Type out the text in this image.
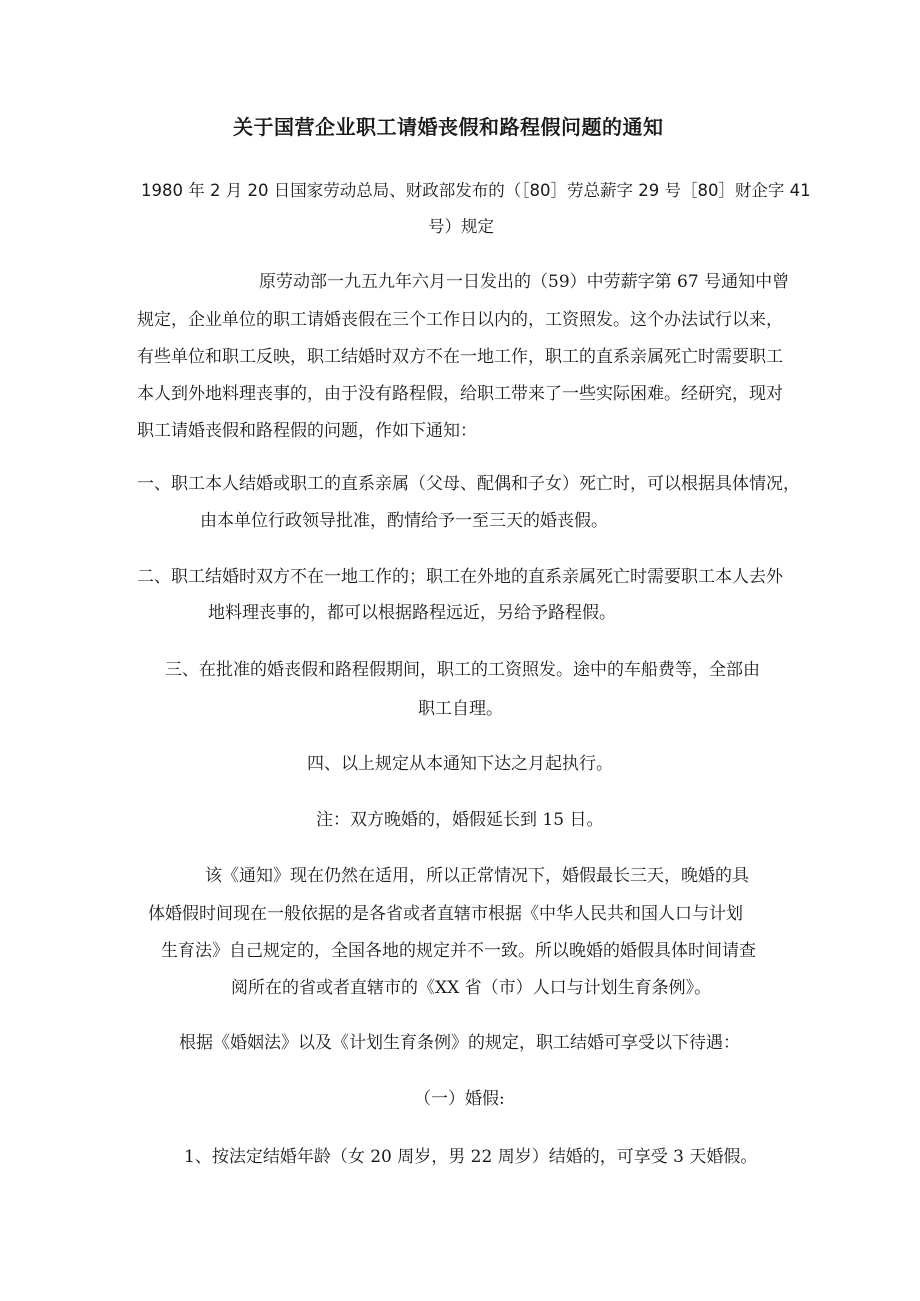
关于国营企业职工请婚丧假和路程假问题的通知
1980 年 2 月 20 日国家劳动总局、财政部发布的（［80］劳总薪字 29 号［80］财企字 41
号）规定
原劳动部一九五九年六月一日发出的（59）中劳薪字第 67 号通知中曾
规定，企业单位的职工请婚丧假在三个工作日以内的，工资照发。这个办法试行以来，
有些单位和职工反映，职工结婚时双方不在一地工作，职工的直系亲属死亡时需要职工
本人到外地料理丧事的，由于没有路程假，给职工带来了一些实际困难。经研究，现对
职工请婚丧假和路程假的问题，作如下通知：
一、职工本人结婚或职工的直系亲属（父母、配偶和子女）死亡时，可以根据具体情况，
由本单位行政领导批准，酌情给予一至三天的婚丧假。
二、职工结婚时双方不在一地工作的；职工在外地的直系亲属死亡时需要职工本人去外
地料理丧事的，都可以根据路程远近，另给予路程假。
三、在批准的婚丧假和路程假期间，职工的工资照发。途中的车船费等，全部由
职工自理。
四、以上规定从本通知下达之月起执行。
注：双方晚婚的，婚假延长到 15 日。
该《通知》现在仍然在适用，所以正常情况下，婚假最长三天，晚婚的具
体婚假时间现在一般依据的是各省或者直辖市根据《中华人民共和国人口与计划
生育法》自己规定的，全国各地的规定并不一致。所以晚婚的婚假具体时间请查
阅所在的省或者直辖市的《XX 省（市）人口与计划生育条例》。
根据《婚姻法》以及《计划生育条例》的规定，职工结婚可享受以下待遇：
（一）婚假:
1、按法定结婚年龄（女 20 周岁，男 22 周岁）结婚的，可享受 3 天婚假。
